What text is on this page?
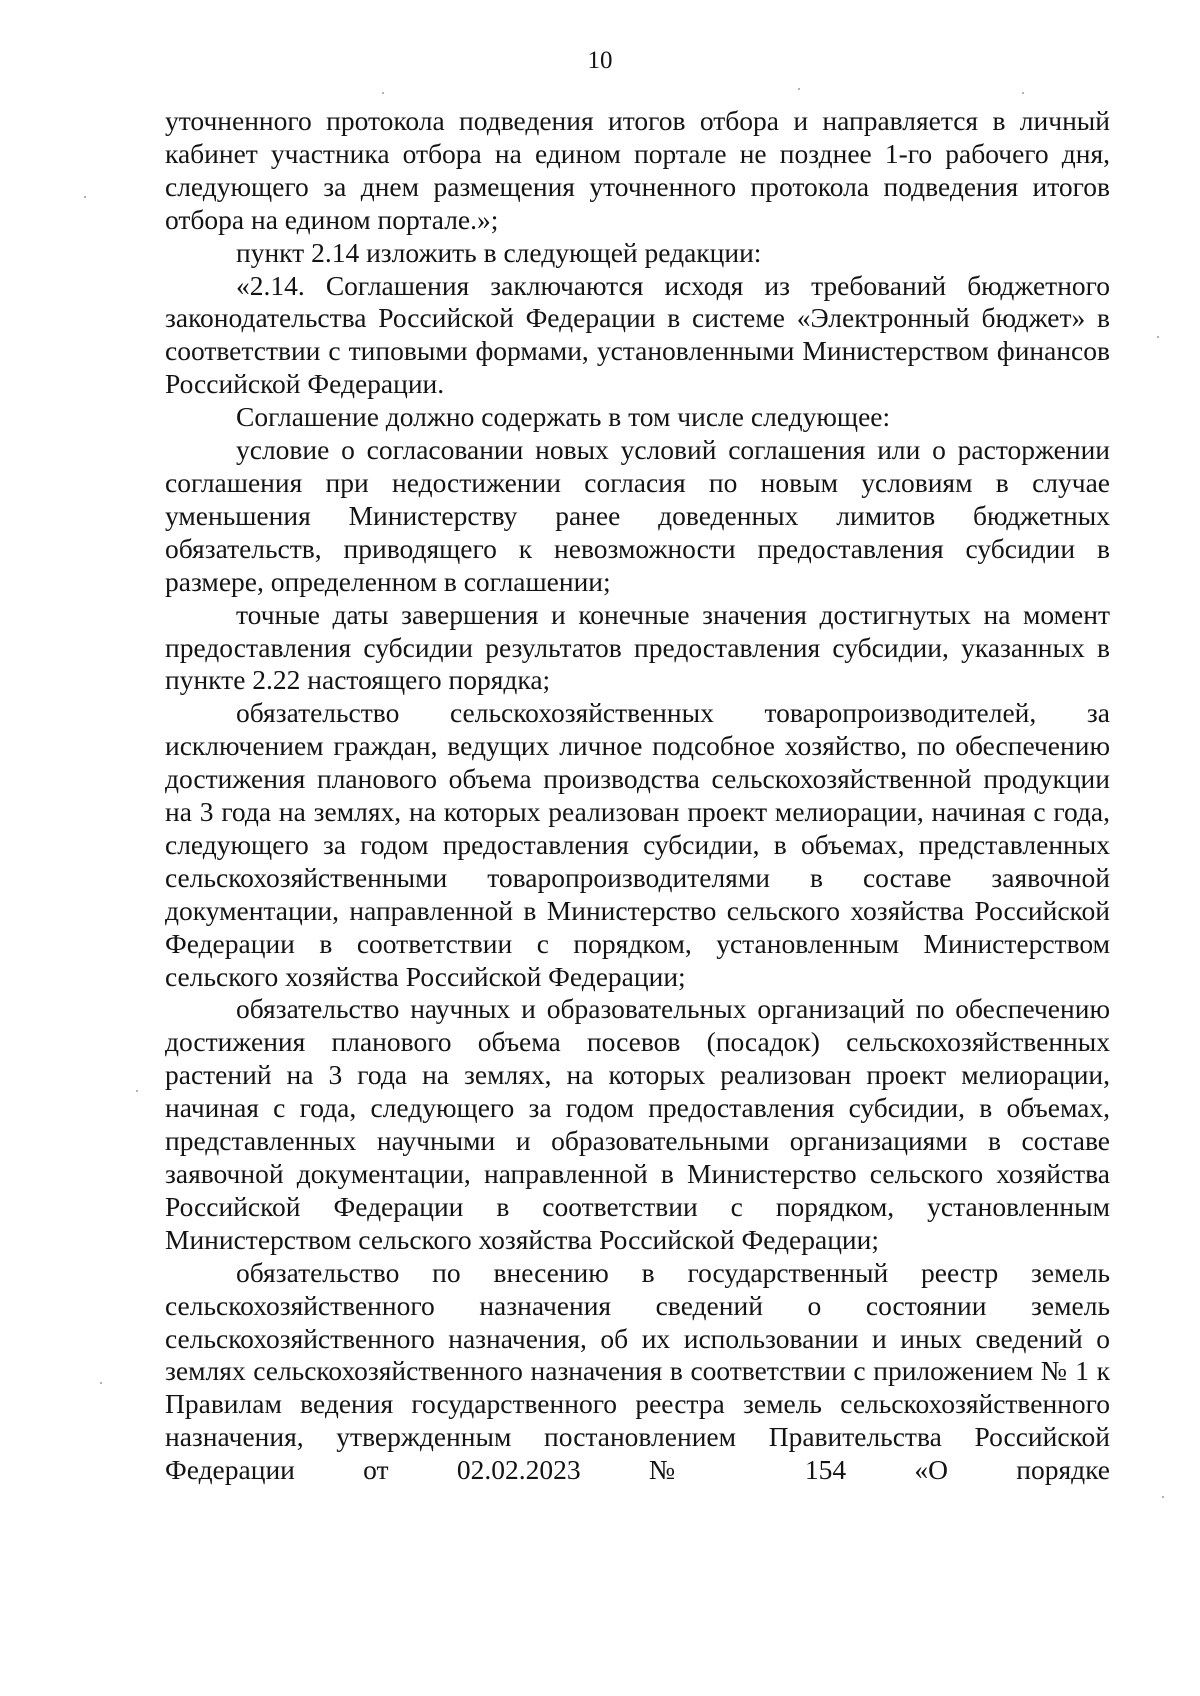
10

уточненного протокола подведения итогов отбора и направляется в личный кабинет участника отбора на едином портале не позднее 1-го рабочего дня, следующего за днем размещения уточненного протокола подведения итогов отбора на едином портале.»;

пункт 2.14 изложить в следующей редакции:

«2.14. Соглашения заключаются исходя из требований бюджетного законодательства Российской Федерации в системе «Электронный бюджет» в соответствии с типовыми формами, установленными Министерством финансов Российской Федерации.

Соглашение должно содержать в том числе следующее:

условие о согласовании новых условий соглашения или о расторжении соглашения при недостижении согласия по новым условиям в случае уменьшения Министерству ранее доведенных лимитов бюджетных обязательств, приводящего к невозможности предоставления субсидии в размере, определенном в соглашении;

точные даты завершения и конечные значения достигнутых на момент предоставления субсидии результатов предоставления субсидии, указанных в пункте 2.22 настоящего порядка;

обязательство сельскохозяйственных товаропроизводителей, за исключением граждан, ведущих личное подсобное хозяйство, по обеспечению достижения планового объема производства сельскохозяйственной продукции на 3 года на землях, на которых реализован проект мелиорации, начиная с года, следующего за годом предоставления субсидии, в объемах, представленных сельскохозяйственными товаропроизводителями в составе заявочной документации, направленной в Министерство сельского хозяйства Российской Федерации в соответствии с порядком, установленным Министерством сельского хозяйства Российской Федерации;

обязательство научных и образовательных организаций по обеспечению достижения планового объема посевов (посадок) сельскохозяйственных растений на 3 года на землях, на которых реализован проект мелиорации, начиная с года, следующего за годом предоставления субсидии, в объемах, представленных научными и образовательными организациями в составе заявочной документации, направленной в Министерство сельского хозяйства Российской Федерации в соответствии с порядком, установленным Министерством сельского хозяйства Российской Федерации;

обязательство по внесению в государственный реестр земель сельскохозяйственного назначения сведений о состоянии земель сельскохозяйственного назначения, об их использовании и иных сведений о землях сельскохозяйственного назначения в соответствии с приложением № 1 к Правилам ведения государственного реестра земель сельскохозяйственного назначения, утвержденным постановлением Правительства Российской Федерации от 02.02.2023 № 154 «О порядке
